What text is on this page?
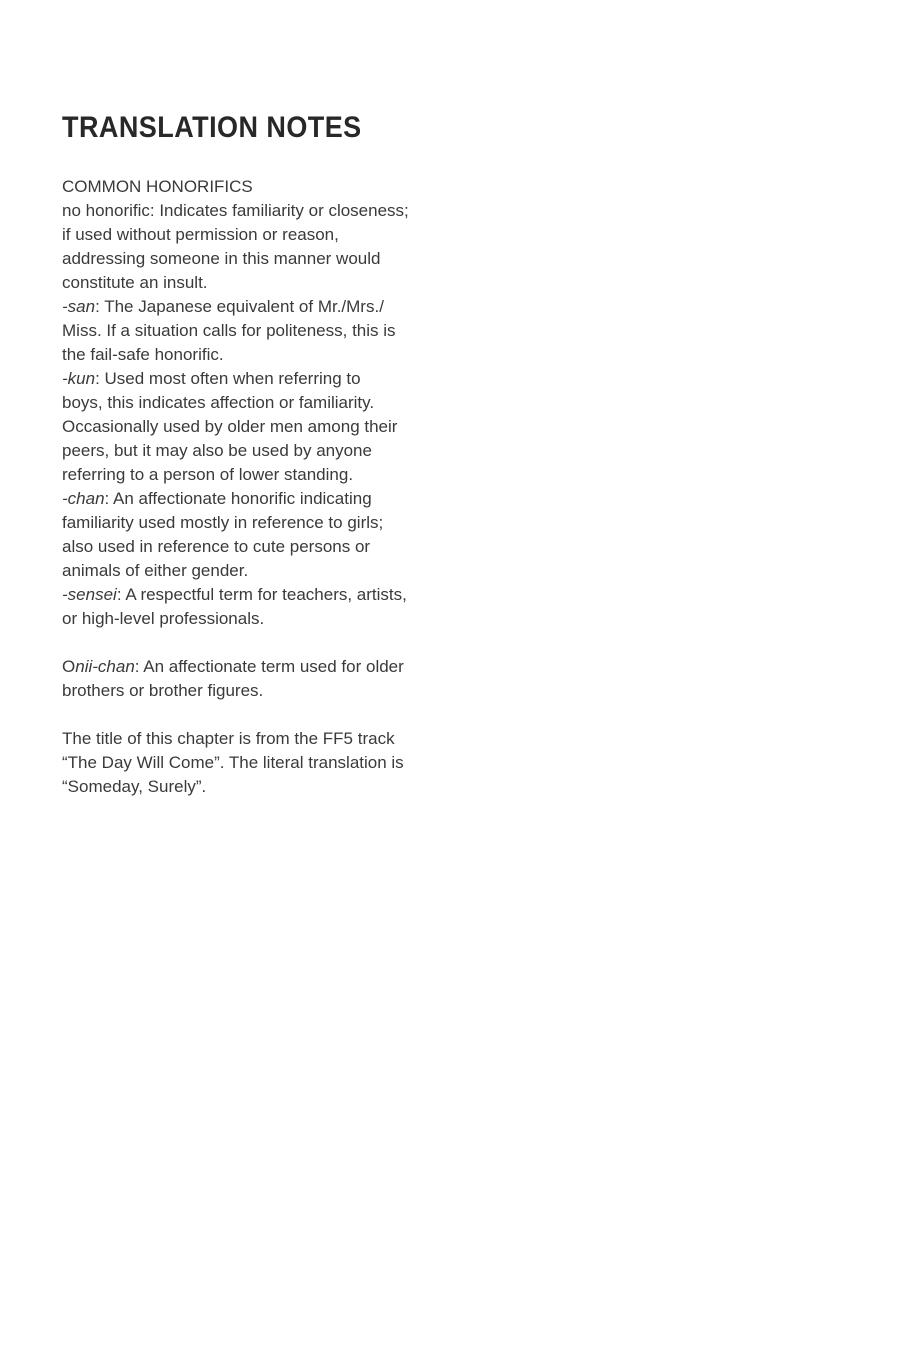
TRANSLATION NOTES
COMMON HONORIFICS
no honorific: Indicates familiarity or closeness;
if used without permission or reason,
addressing someone in this manner would
constitute an insult.
-san: The Japanese equivalent of Mr./Mrs./
Miss. If a situation calls for politeness, this is
the fail-safe honorific.
-kun: Used most often when referring to
boys, this indicates affection or familiarity.
Occasionally used by older men among their
peers, but it may also be used by anyone
referring to a person of lower standing.
-chan: An affectionate honorific indicating
familiarity used mostly in reference to girls;
also used in reference to cute persons or
animals of either gender.
-sensei: A respectful term for teachers, artists,
or high-level professionals.
Onii-chan: An affectionate term used for older
brothers or brother figures.
The title of this chapter is from the FF5 track
“The Day Will Come”. The literal translation is
“Someday, Surely”.
